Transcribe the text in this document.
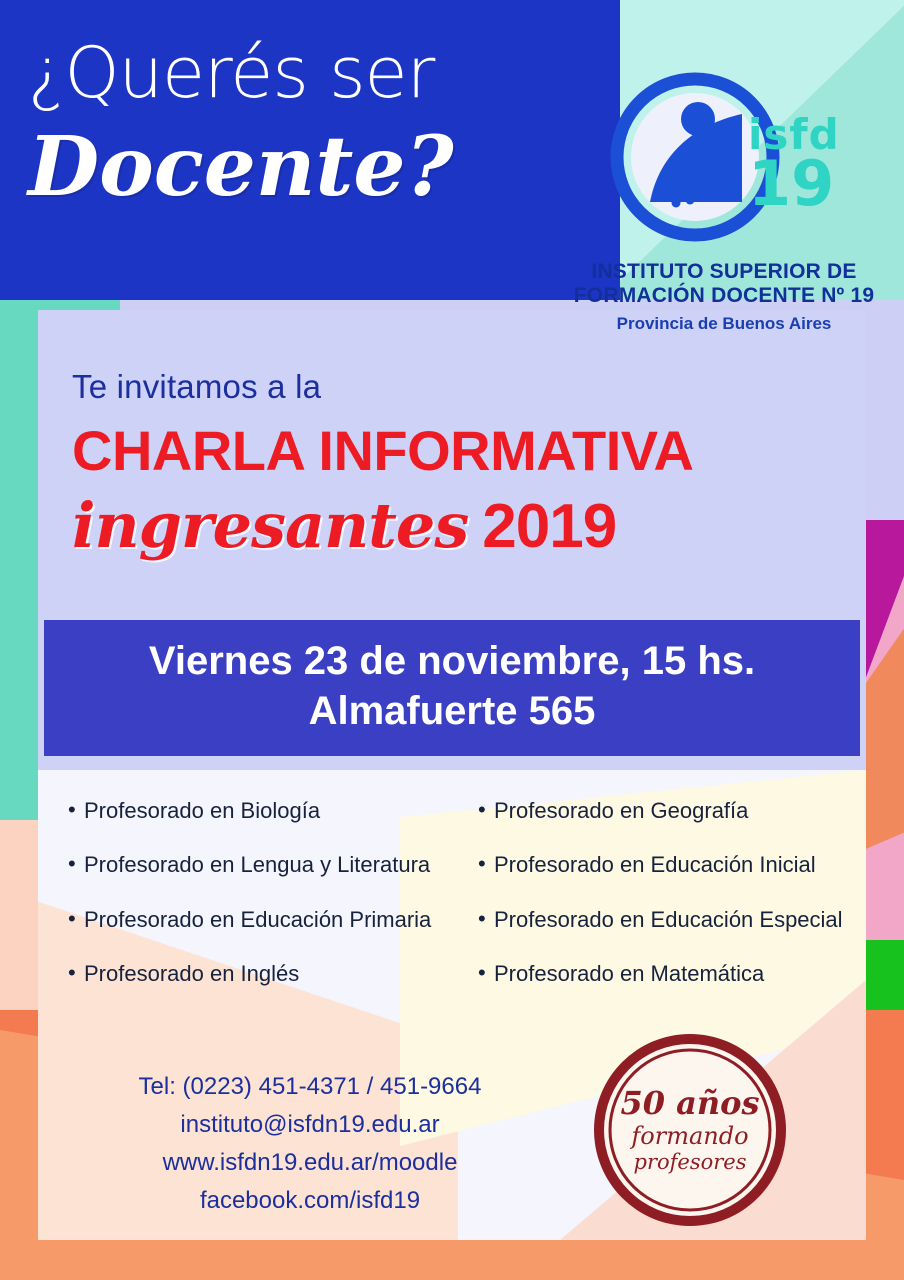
¿Querés ser
Docente?	isfd
19
INSTITUTO SUPERIOR DE
FORMACIÓN DOCENTE Nº 19
Provincia de Buenos Aires
Te invitamos a la
CHARLA INFORMATIVA
ingresantes 2019
Viernes 23 de noviembre, 15 hs.
Almafuerte 565
• Profesorado en Biología	• Profesorado en Geografía
• Profesorado en Lengua y Literatura	• Profesorado en Educación Inicial
• Profesorado en Educación Primaria	• Profesorado en Educación Especial
• Profesorado en Inglés	• Profesorado en Matemática
Tel: (0223) 451-4371 / 451-9664
instituto@isfdn19.edu.ar
www.isfdn19.edu.ar/moodle
facebook.com/isfd19
50 años
formando
profesores
